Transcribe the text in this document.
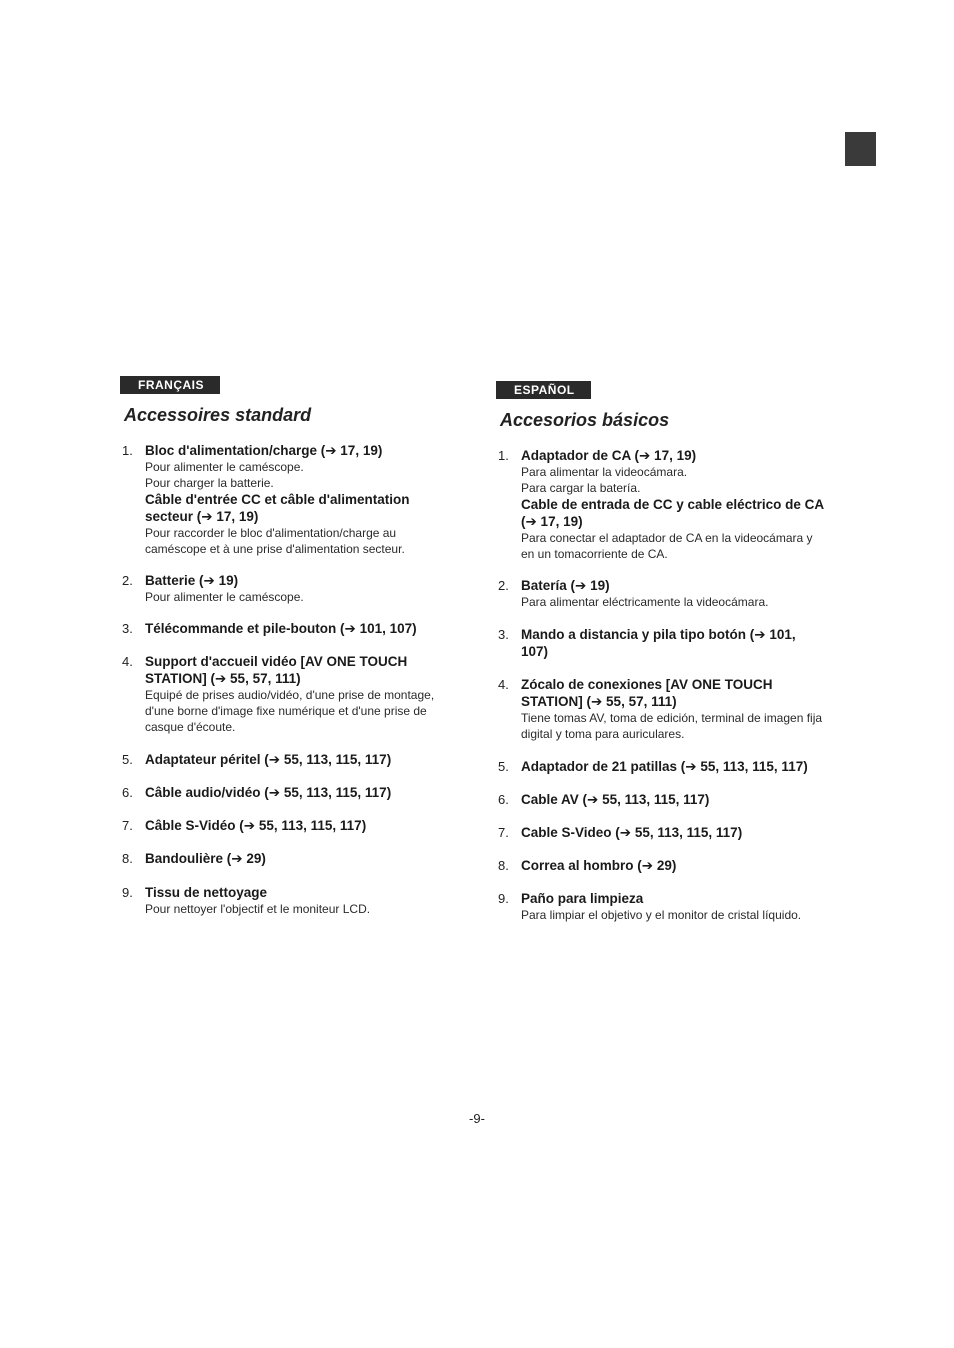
FRANÇAIS
Accessoires standard
1. Bloc d'alimentation/charge (➔ 17, 19)
Pour alimenter le caméscope.
Pour charger la batterie.
Câble d'entrée CC et câble d'alimentation secteur (➔ 17, 19)
Pour raccorder le bloc d'alimentation/charge au caméscope et à une prise d'alimentation secteur.
2. Batterie (➔ 19)
Pour alimenter le caméscope.
3. Télécommande et pile-bouton (➔ 101, 107)
4. Support d'accueil vidéo [AV ONE TOUCH STATION] (➔ 55, 57, 111)
Equipé de prises audio/vidéo, d'une prise de montage, d'une borne d'image fixe numérique et d'une prise de casque d'écoute.
5. Adaptateur péritel (➔ 55, 113, 115, 117)
6. Câble audio/vidéo (➔ 55, 113, 115, 117)
7. Câble S-Vidéo (➔ 55, 113, 115, 117)
8. Bandoulière (➔ 29)
9. Tissu de nettoyage
Pour nettoyer l'objectif et le moniteur LCD.
ESPAÑOL
Accesorios básicos
1. Adaptador de CA (➔ 17, 19)
Para alimentar la videocámara.
Para cargar la batería.
Cable de entrada de CC y cable eléctrico de CA (➔ 17, 19)
Para conectar el adaptador de CA en la videocámara y en un tomacorriente de CA.
2. Batería (➔ 19)
Para alimentar eléctricamente la videocámara.
3. Mando a distancia y pila tipo botón (➔ 101, 107)
4. Zócalo de conexiones [AV ONE TOUCH STATION] (➔ 55, 57, 111)
Tiene tomas AV, toma de edición, terminal de imagen fija digital y toma para auriculares.
5. Adaptador de 21 patillas (➔ 55, 113, 115, 117)
6. Cable AV (➔ 55, 113, 115, 117)
7. Cable S-Video (➔ 55, 113, 115, 117)
8. Correa al hombro (➔ 29)
9. Paño para limpieza
Para limpiar el objetivo y el monitor de cristal líquido.
-9-
